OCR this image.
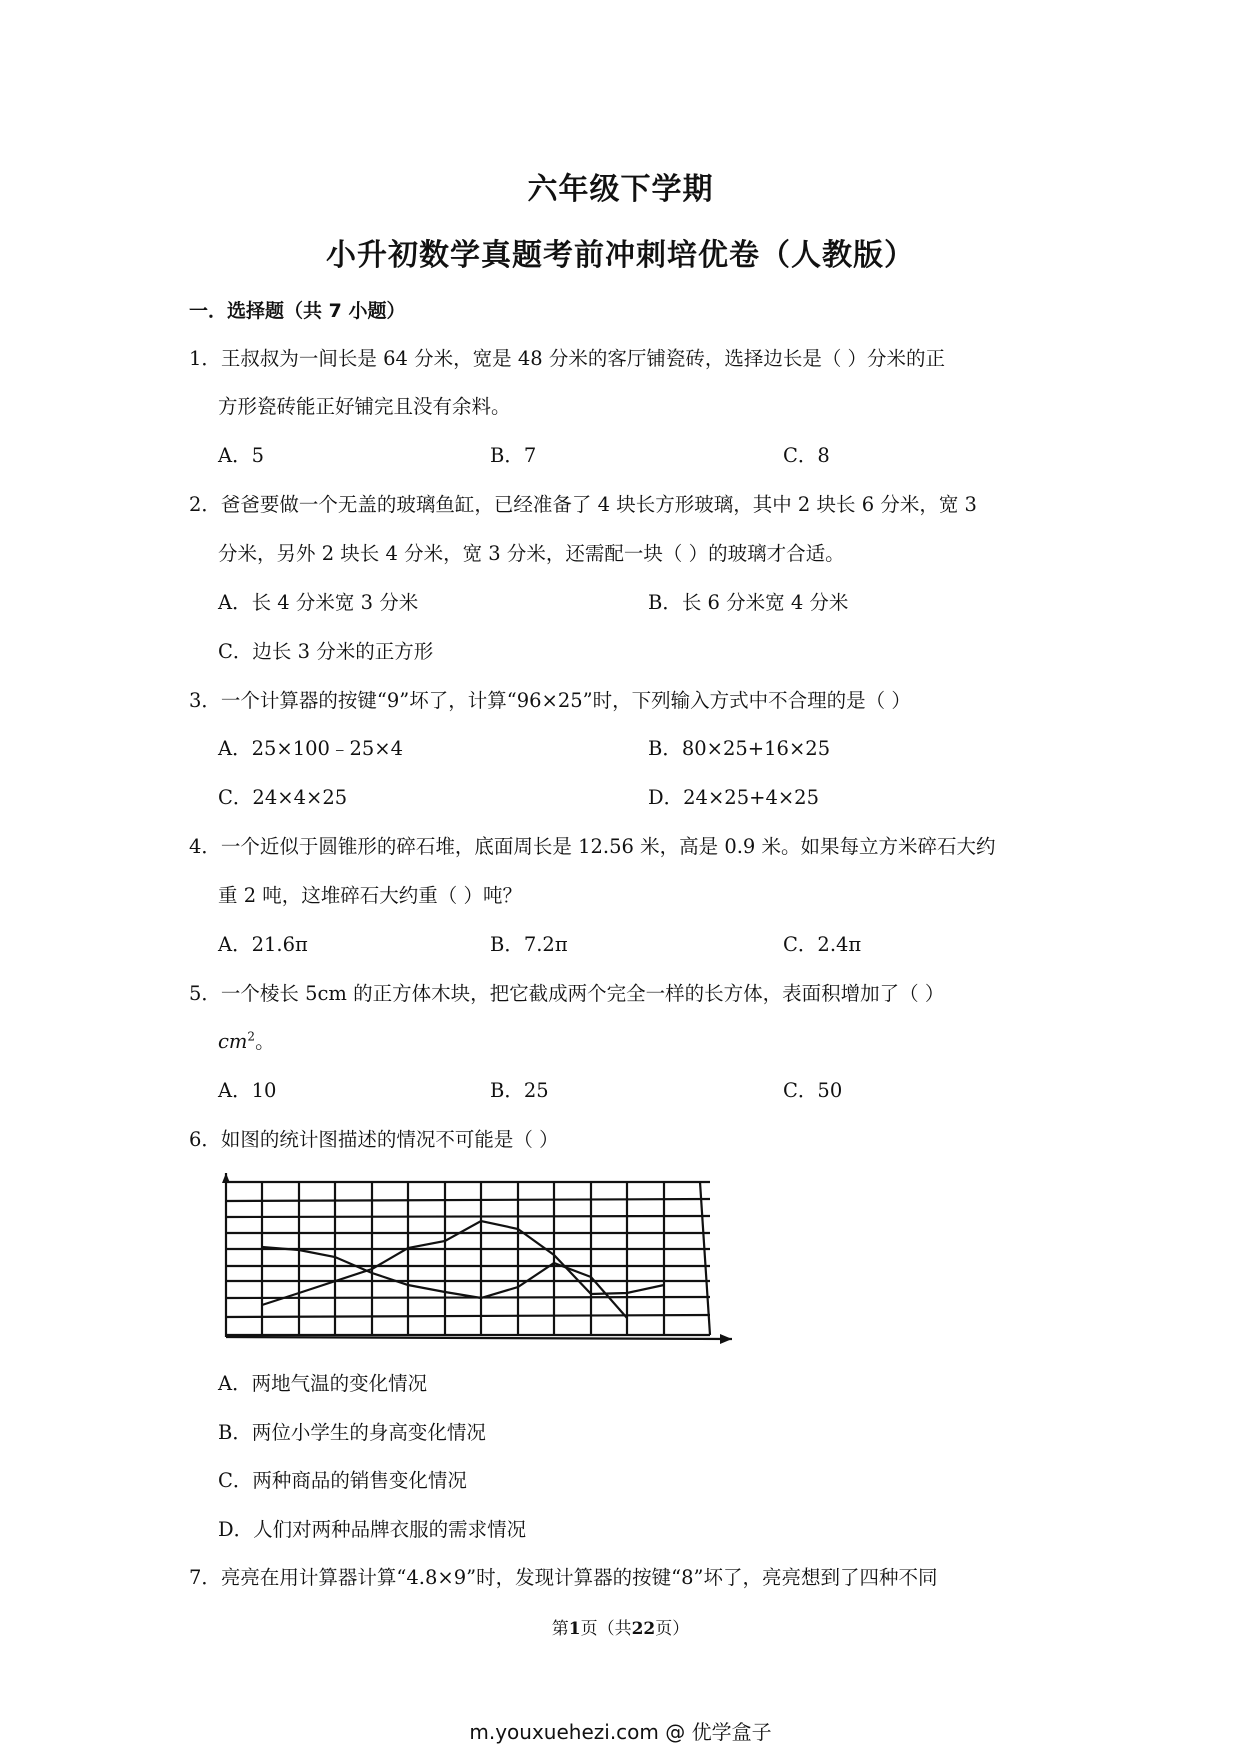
六年级下学期
小升初数学真题考前冲刺培优卷（人教版）
一．选择题（共 7 小题）
1．王叔叔为一间长是 64 分米，宽是 48 分米的客厅铺瓷砖，选择边长是（ ）分米的正
方形瓷砖能正好铺完且没有余料。
A．5	B．7	C．8
2．爸爸要做一个无盖的玻璃鱼缸，已经准备了 4 块长方形玻璃，其中 2 块长 6 分米，宽 3
分米，另外 2 块长 4 分米，宽 3 分米，还需配一块（ ）的玻璃才合适。
A．长 4 分米宽 3 分米	B．长 6 分米宽 4 分米
C．边长 3 分米的正方形
3．一个计算器的按键“9”坏了，计算“96×25”时，下列输入方式中不合理的是（ ）
A．25×100﹣25×4	B．80×25+16×25
C．24×4×25	D．24×25+4×25
4．一个近似于圆锥形的碎石堆，底面周长是 12.56 米，高是 0.9 米。如果每立方米碎石大约
重 2 吨，这堆碎石大约重（ ）吨？
A．21.6π	B．7.2π	C．2.4π
5．一个棱长 5cm 的正方体木块，把它截成两个完全一样的长方体，表面积增加了（ ）
$cm^2$。
A．10	B．25	C．50
6．如图的统计图描述的情况不可能是（ ）
A．两地气温的变化情况
B．两位小学生的身高变化情况
C．两种商品的销售变化情况
D．人们对两种品牌衣服的需求情况
7．亮亮在用计算器计算“4.8×9”时，发现计算器的按键“8”坏了，亮亮想到了四种不同
第1页（共22页）
m.youxuehezi.com @ 优学盒子
